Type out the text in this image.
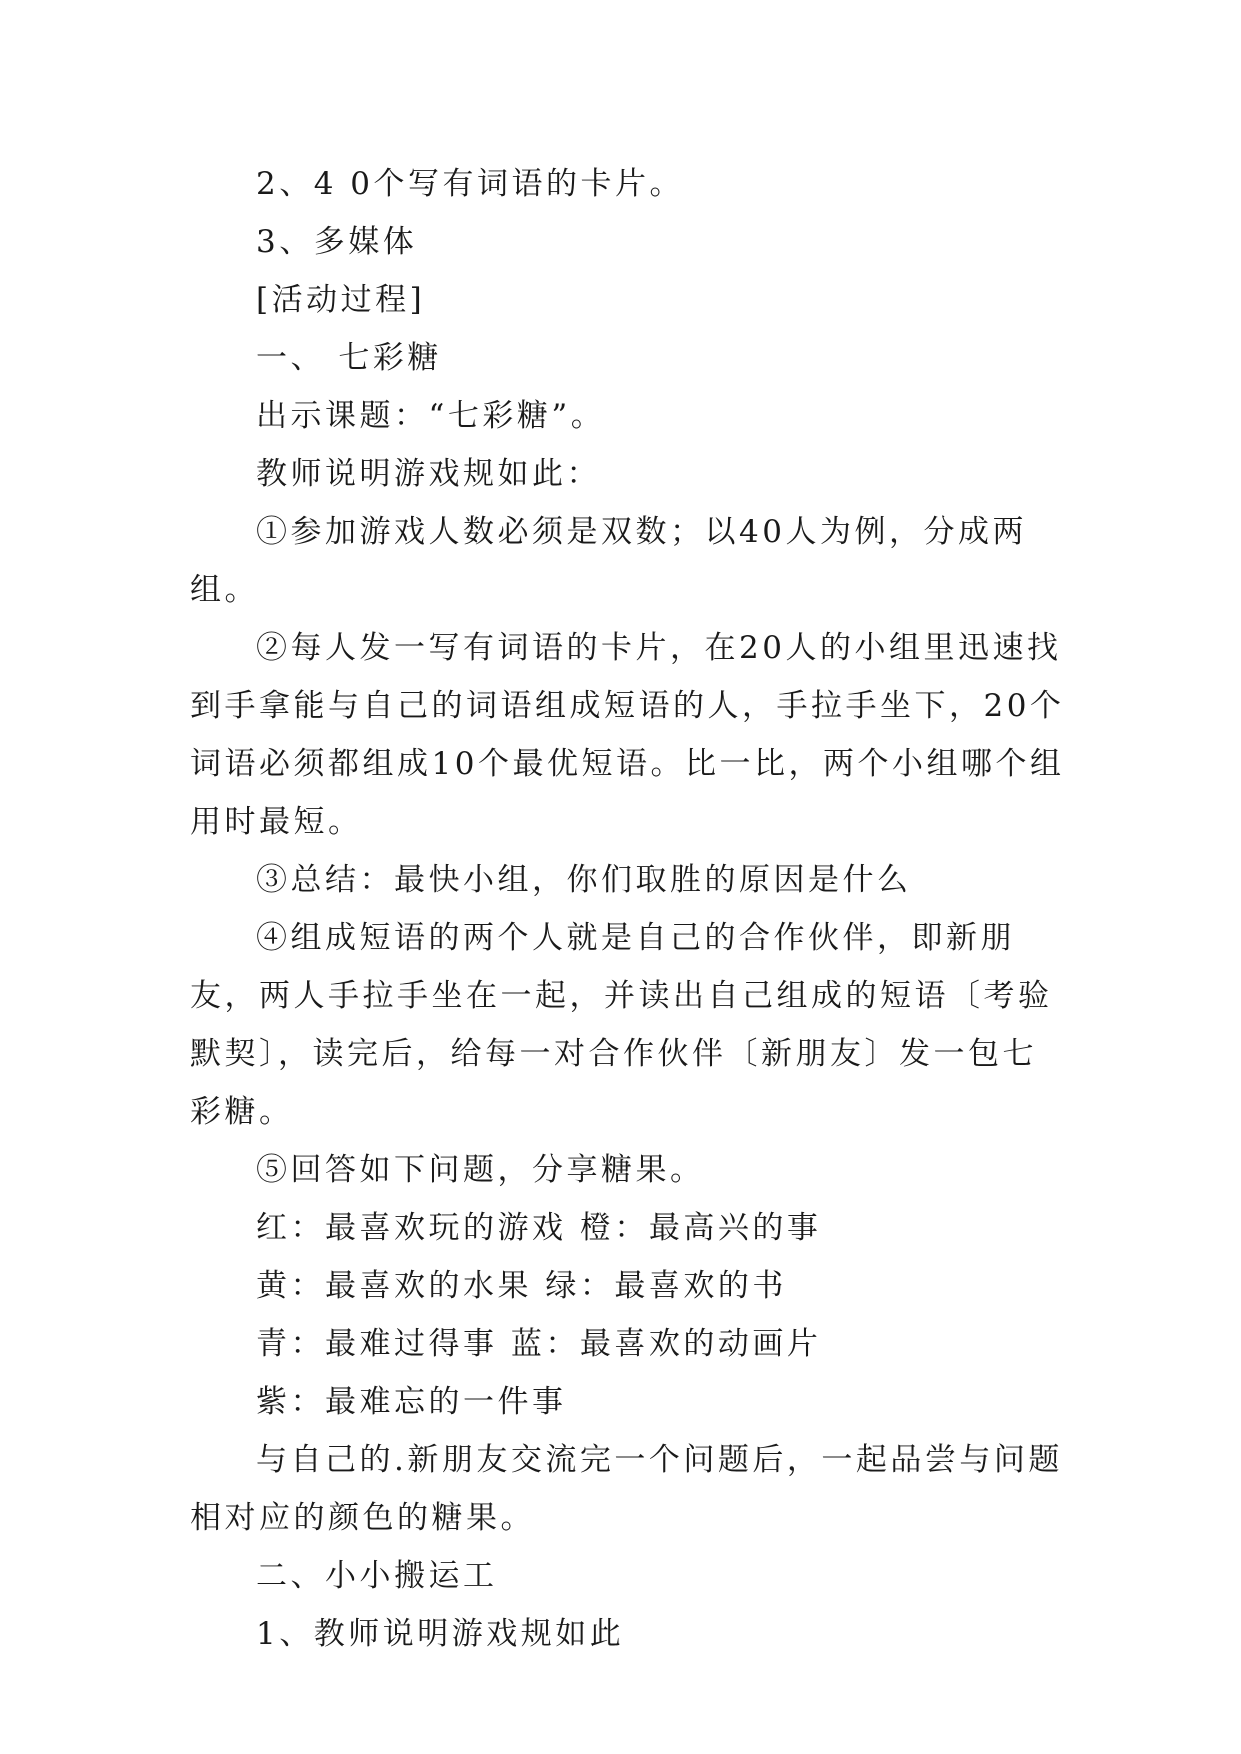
2、4 0个写有词语的卡片。

3、多媒体

[活动过程]

一、 七彩糖

出示课题：“七彩糖”。

教师说明游戏规如此：

①参加游戏人数必须是双数；以40人为例，分成两组。

②每人发一写有词语的卡片，在20人的小组里迅速找到手拿能与自己的词语组成短语的人，手拉手坐下，20个词语必须都组成10个最优短语。比一比，两个小组哪个组用时最短。

③总结：最快小组，你们取胜的原因是什么

④组成短语的两个人就是自己的合作伙伴，即新朋友，两人手拉手坐在一起，并读出自己组成的短语〔考验默契〕，读完后，给每一对合作伙伴〔新朋友〕发一包七彩糖。

⑤回答如下问题，分享糖果。

红：最喜欢玩的游戏 橙：最高兴的事

黄：最喜欢的水果 绿：最喜欢的书

青：最难过得事 蓝：最喜欢的动画片

紫：最难忘的一件事

与自己的.新朋友交流完一个问题后，一起品尝与问题相对应的颜色的糖果。

二、小小搬运工

1、教师说明游戏规如此
